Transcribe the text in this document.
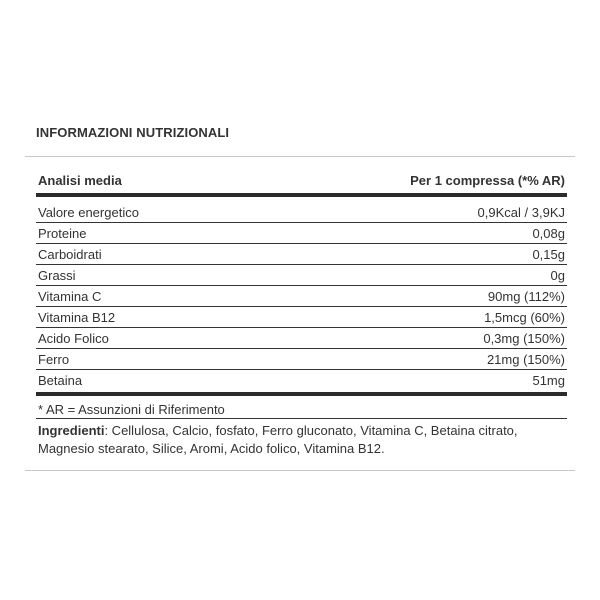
INFORMAZIONI NUTRIZIONALI
Analisi media	Per 1 compressa (*% AR)
Valore energetico	0,9Kcal / 3,9KJ
Proteine	0,08g
Carboidrati	0,15g
Grassi	0g
Vitamina C	90mg (112%)
Vitamina B12	1,5mcg (60%)
Acido Folico	0,3mg (150%)
Ferro	21mg (150%)
Betaina	51mg
* AR = Assunzioni di Riferimento
Ingredienti: Cellulosa, Calcio, fosfato, Ferro gluconato, Vitamina C, Betaina citrato, Magnesio stearato, Silice, Aromi, Acido folico, Vitamina B12.
